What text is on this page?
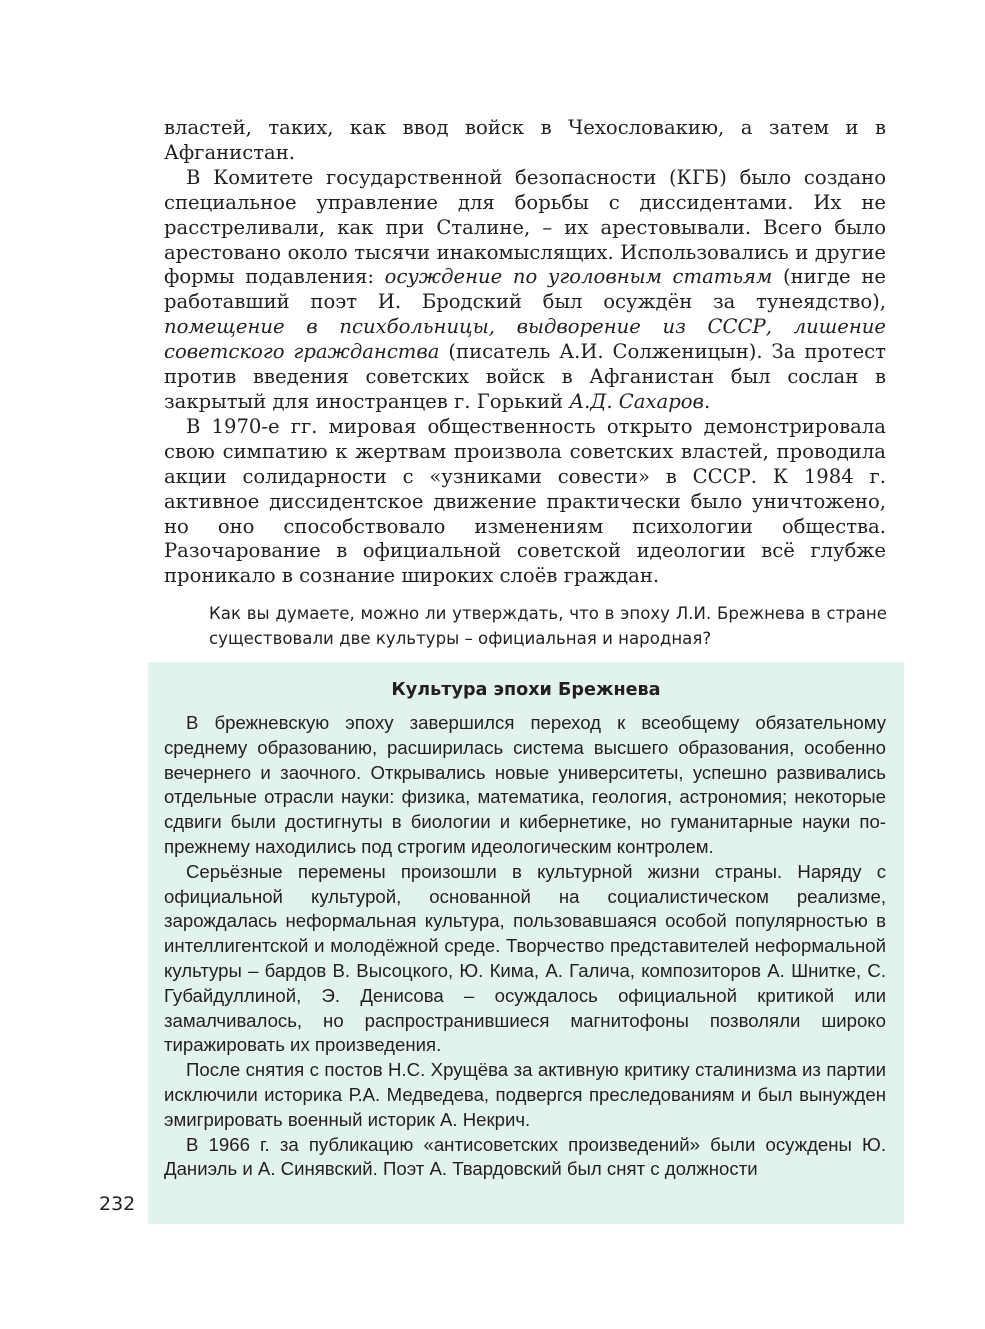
властей, таких, как ввод войск в Чехословакию, а затем и в Афганистан.

В Комитете государственной безопасности (КГБ) было создано специальное управление для борьбы с диссидентами. Их не расстреливали, как при Сталине, – их арестовывали. Всего было арестовано около тысячи инакомыслящих. Использовались и другие формы подавления: осуждение по уголовным статьям (нигде не работавший поэт И. Бродский был осуждён за тунеядство), помещение в психбольницы, выдворение из СССР, лишение советского гражданства (писатель А.И. Солженицын). За протест против введения советских войск в Афганистан был сослан в закрытый для иностранцев г. Горький А.Д. Сахаров.

В 1970-е гг. мировая общественность открыто демонстрировала свою симпатию к жертвам произвола советских властей, проводила акции солидарности с «узниками совести» в СССР. К 1984 г. активное диссидентское движение практически было уничтожено, но оно способствовало изменениям психологии общества. Разочарование в официальной советской идеологии всё глубже проникало в сознание широких слоёв граждан.

Как вы думаете, можно ли утверждать, что в эпоху Л.И. Брежнева в стране существовали две культуры – официальная и народная?
Культура эпохи Брежнева

В брежневскую эпоху завершился переход к всеобщему обязательному среднему образованию, расширилась система высшего образования, особенно вечернего и заочного. Открывались новые университеты, успешно развивались отдельные отрасли науки: физика, математика, геология, астрономия; некоторые сдвиги были достигнуты в биологии и кибернетике, но гуманитарные науки по-прежнему находились под строгим идеологическим контролем.

Серьёзные перемены произошли в культурной жизни страны. Наряду с официальной культурой, основанной на социалистическом реализме, зарождалась неформальная культура, пользовавшаяся особой популярностью в интеллигентской и молодёжной среде. Творчество представителей неформальной культуры – бардов В. Высоцкого, Ю. Кима, А. Галича, композиторов А. Шнитке, С. Губайдуллиной, Э. Денисова – осуждалось официальной критикой или замалчивалось, но распространившиеся магнитофоны позволяли широко тиражировать их произведения.

После снятия с постов Н.С. Хрущёва за активную критику сталинизма из партии исключили историка Р.А. Медведева, подвергся преследованиям и был вынужден эмигрировать военный историк А. Некрич.

В 1966 г. за публикацию «антисоветских произведений» были осуждены Ю. Даниэль и А. Синявский. Поэт А. Твардовский был снят с должности

232
